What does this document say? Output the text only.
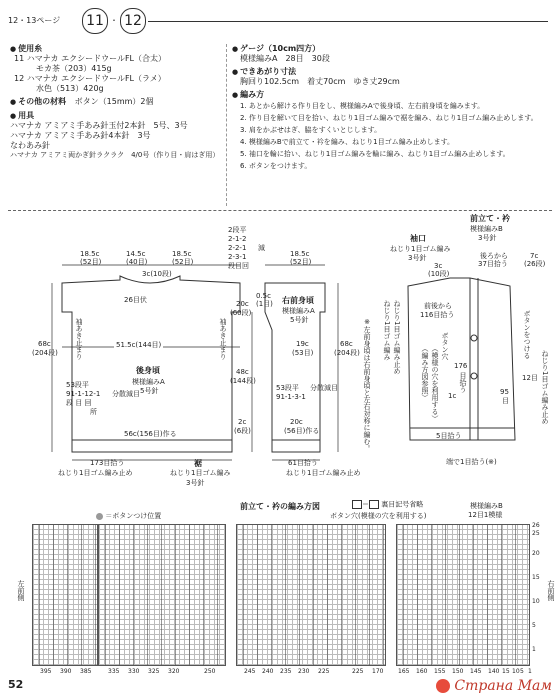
12・13ページ 11 ・ 12
● 使用糸
11 ハマナカ エクシードウールFL（合太）
モカ茶（203）415g
12 ハマナカ エクシードウールFL（ラメ）
水色（513）420g
● その他の材料 ボタン（15mm）2個
● 用具
ハマナカ アミアミ手あみ針玉付2本針　5号、3号
ハマナカ アミアミ手あみ針4本針　3号
なわあみ針
ハマナカ アミアミ両かぎ針ラクラク　4/0号（作り目・肩はぎ用）
● ゲージ（10cm四方）
模様編みA　28目　30段
● できあがり寸法
胸回り102.5cm　着丈70cm　ゆき丈29cm
● 編み方
1. あとから解ける作り目をし、模様編みAで後身頃、左右前身頃を編みます。
2. 作り目を解いて目を拾い、ねじり1目ゴム編みで裾を編み、ねじり1目ゴム編み止めします。
3. 肩をかぶせはぎ、脇をすくいとじします。
4. 模様編みBで前立て・衿を編み、ねじり1目ゴム編み止めします。
5. 袖口を輪に拾い、ねじり1目ゴム編みを輪に編み、ねじり1目ゴム編み止めします。
6. ボタンをつけます。
18.5c
(52目)
14.5c
(40目)
18.5c
(52目)
3c(10段)
26目伏
51.5c(144目)
後身頃
模様編みA
5号針
袖あき止まり	袖あき止まり
68c
(204段)
48c
(144段)
20c
(60段)
53段平
91-1-12-1
段 目 回
所
分散減目
2c
(6段)
56c(156目)作る
173目拾う	裾
ねじり1目ゴム編み
ねじり1目ゴム編み止め
3号針
2段平
2-1-2
2-2-1
2-3-1
段目回
減
18.5c
(52目)
0.5c
(1目) 右前身頃
模様編みA
5号針
19c
(53目)
68c
(204段)
53段平
91-1-3-1
分散減目
20c
(56目)作る
61目拾う
ねじり1目ゴム編み止め
※左前身頃は右前身頃と左右対称に編む。	ねじり1目ゴム編み止め
ねじり1目ゴム編み
袖口
ねじり1目ゴム編み
3号針
前立て・衿
模様編みB
3号針
3c
(10段)
7c
(26段)
後ろから
37目拾う
前後から
116目拾う	ボタンをつける
ボタン穴
（模様の穴を利用する）
（編み方図参照）	176
目拾う	95
目
12目 ねじり1目ゴム編み止め
1c
5目拾う
端で1目拾う(※)
前立て・衿の編み方図	＝ 裏目記号省略
＝ボタンつけ位置	ボタン穴(模様の穴を利用する)
模様編みB
12目1模様
左前側	右前側
26
25
20
15
10
5
1
395 390 385	335 330 325 320	250	245 240 235 230 225	225 170 165 160 155 150 145 140 15 10 5 1
52	Страна Мам
